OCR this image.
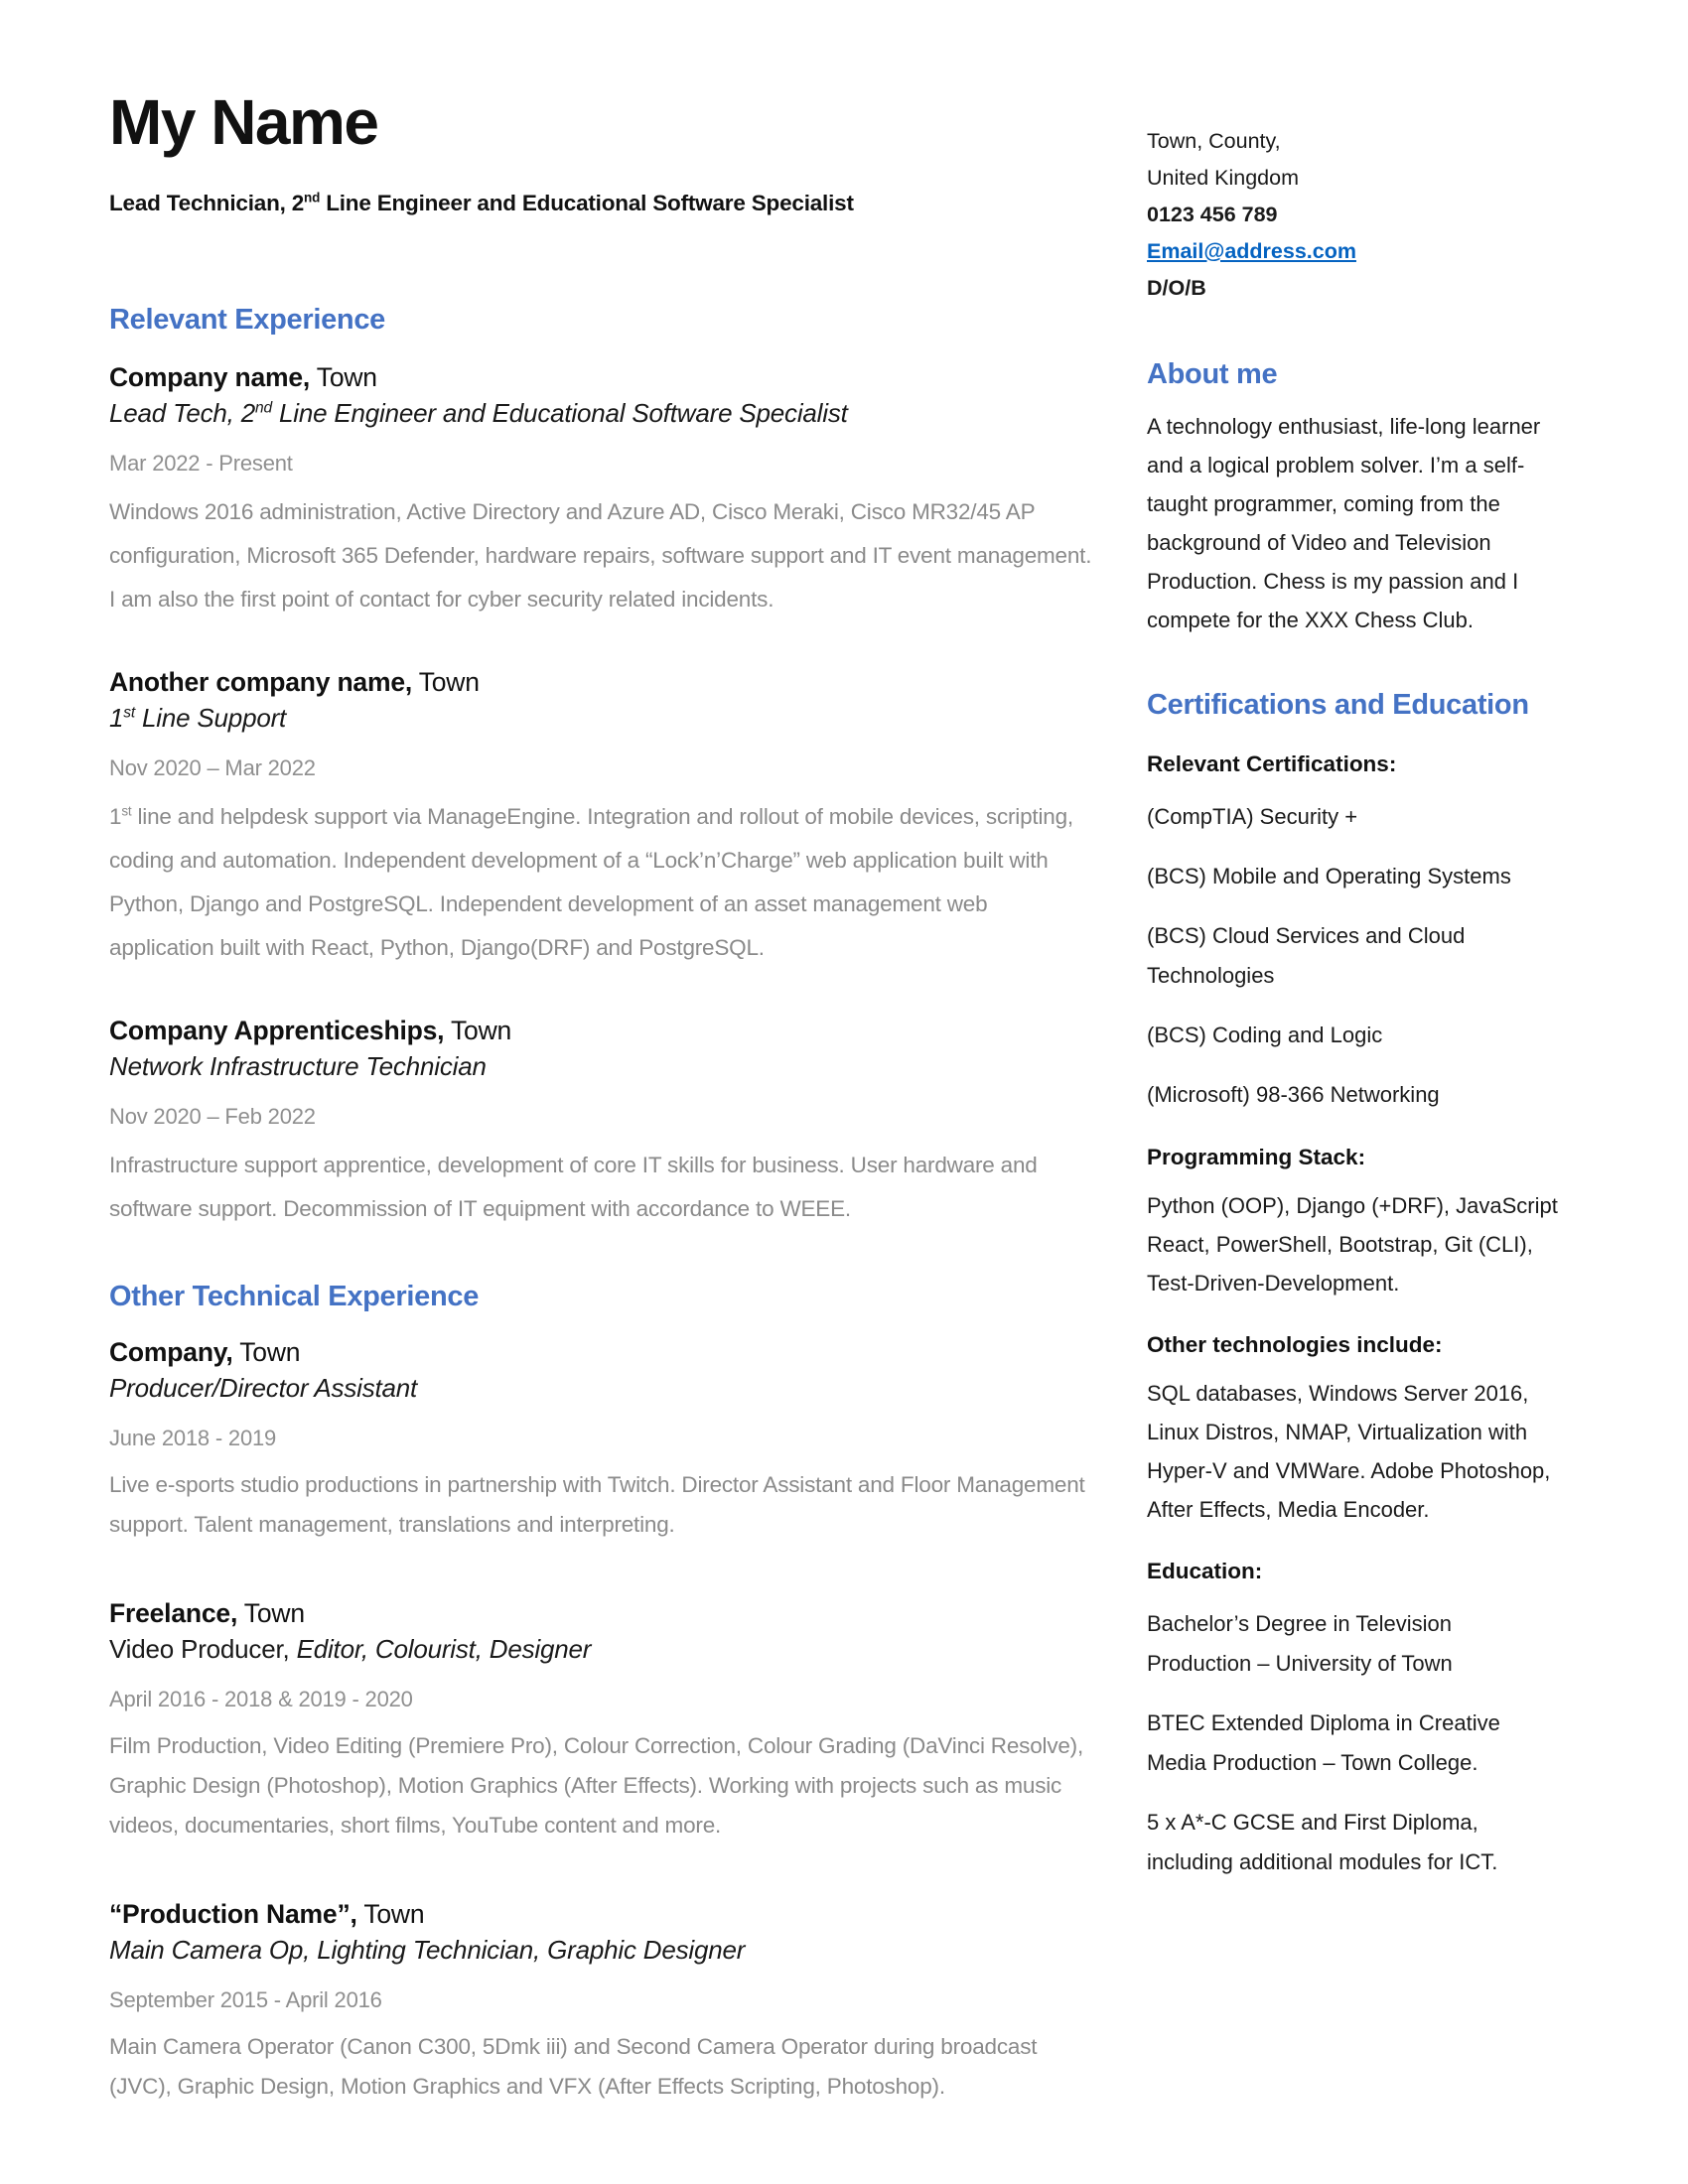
My Name
Lead Technician, 2nd Line Engineer and Educational Software Specialist
Relevant Experience
Company name, Town
Lead Tech, 2nd Line Engineer and Educational Software Specialist
Mar 2022 - Present

Windows 2016 administration, Active Directory and Azure AD, Cisco Meraki, Cisco MR32/45 AP configuration, Microsoft 365 Defender, hardware repairs, software support and IT event management. I am also the first point of contact for cyber security related incidents.

Another company name, Town
1st Line Support
Nov 2020 – Mar 2022

1st line and helpdesk support via ManageEngine. Integration and rollout of mobile devices, scripting, coding and automation. Independent development of a “Lock’n’Charge” web application built with Python, Django and PostgreSQL. Independent development of an asset management web application built with React, Python, Django(DRF) and PostgreSQL.

Company Apprenticeships, Town
Network Infrastructure Technician
Nov 2020 – Feb 2022

Infrastructure support apprentice, development of core IT skills for business. User hardware and software support. Decommission of IT equipment with accordance to WEEE.

Other Technical Experience
Company, Town
Producer/Director Assistant
June 2018 - 2019

Live e-sports studio productions in partnership with Twitch. Director Assistant and Floor Management support. Talent management, translations and interpreting.

Freelance, Town
Video Producer, Editor, Colourist, Designer
April 2016 - 2018 & 2019 - 2020

Film Production, Video Editing (Premiere Pro), Colour Correction, Colour Grading (DaVinci Resolve), Graphic Design (Photoshop), Motion Graphics (After Effects). Working with projects such as music videos, documentaries, short films, YouTube content and more.

“Production Name”, Town
Main Camera Op, Lighting Technician, Graphic Designer
September 2015 - April 2016

Main Camera Operator (Canon C300, 5Dmk iii) and Second Camera Operator during broadcast (JVC), Graphic Design, Motion Graphics and VFX (After Effects Scripting, Photoshop).

Town, County,
United Kingdom
0123 456 789
Email@address.com
D/O/B
About me

A technology enthusiast, life-long learner and a logical problem solver. I’m a self-taught programmer, coming from the background of Video and Television Production. Chess is my passion and I compete for the XXX Chess Club.

Certifications and Education
Relevant Certifications:

(CompTIA) Security +

(BCS) Mobile and Operating Systems

(BCS) Cloud Services and Cloud Technologies

(BCS) Coding and Logic

(Microsoft) 98-366 Networking

Programming Stack:

Python (OOP), Django (+DRF), JavaScript React, PowerShell, Bootstrap, Git (CLI), Test-Driven-Development.

Other technologies include:

SQL databases, Windows Server 2016, Linux Distros, NMAP, Virtualization with Hyper-V and VMWare. Adobe Photoshop, After Effects, Media Encoder.

Education:

Bachelor’s Degree in Television Production – University of Town

BTEC Extended Diploma in Creative Media Production – Town College.

5 x A*-C GCSE and First Diploma, including additional modules for ICT.
